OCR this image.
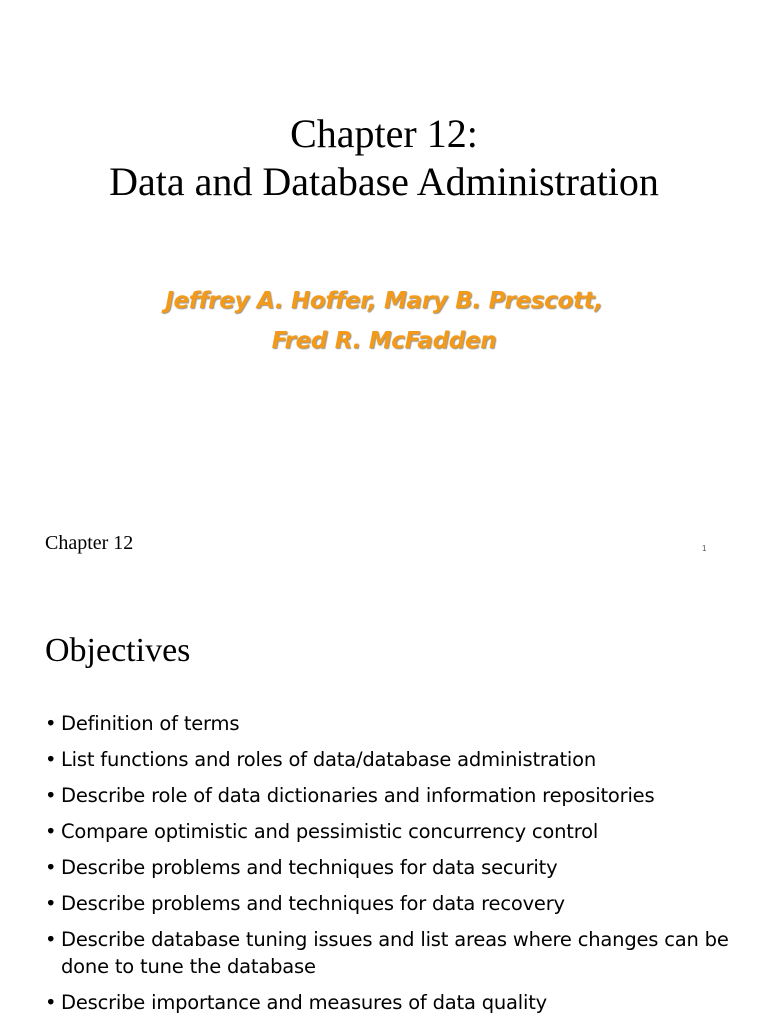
Chapter 12:
Data and Database Administration
Jeffrey A. Hoffer, Mary B. Prescott,
Fred R. McFadden
Chapter 12	1
Objectives
• Definition of terms
• List functions and roles of data/database administration
• Describe role of data dictionaries and information repositories
• Compare optimistic and pessimistic concurrency control
• Describe problems and techniques for data security
• Describe problems and techniques for data recovery
• Describe database tuning issues and list areas where changes can be done to tune the database
• Describe importance and measures of data quality
